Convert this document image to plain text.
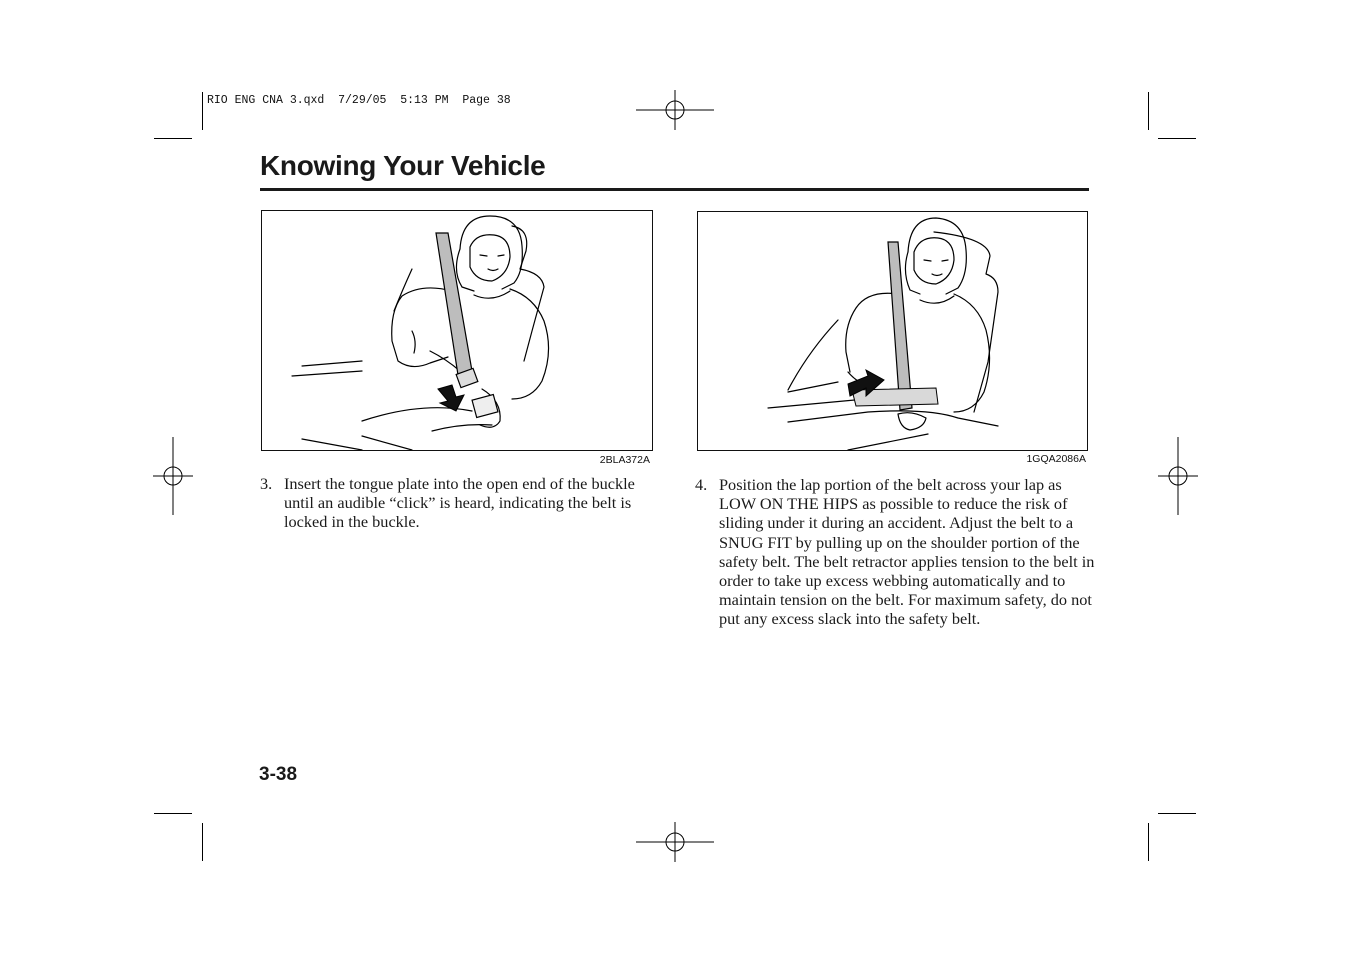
RIO ENG CNA 3.qxd  7/29/05  5:13 PM  Page 38
Knowing Your Vehicle
2BLA372A	1GQA2086A
3. Insert the tongue plate into the open end of the buckle until an audible “click” is heard, indicating the belt is locked in the buckle.
4. Position the lap portion of the belt across your lap as LOW ON THE HIPS as possible to reduce the risk of sliding under it during an accident. Adjust the belt to a SNUG FIT by pulling up on the shoulder portion of the safety belt. The belt retractor applies tension to the belt in order to take up excess webbing automatically and to maintain tension on the belt. For maximum safety, do not put any excess slack into the safety belt.
3-38
